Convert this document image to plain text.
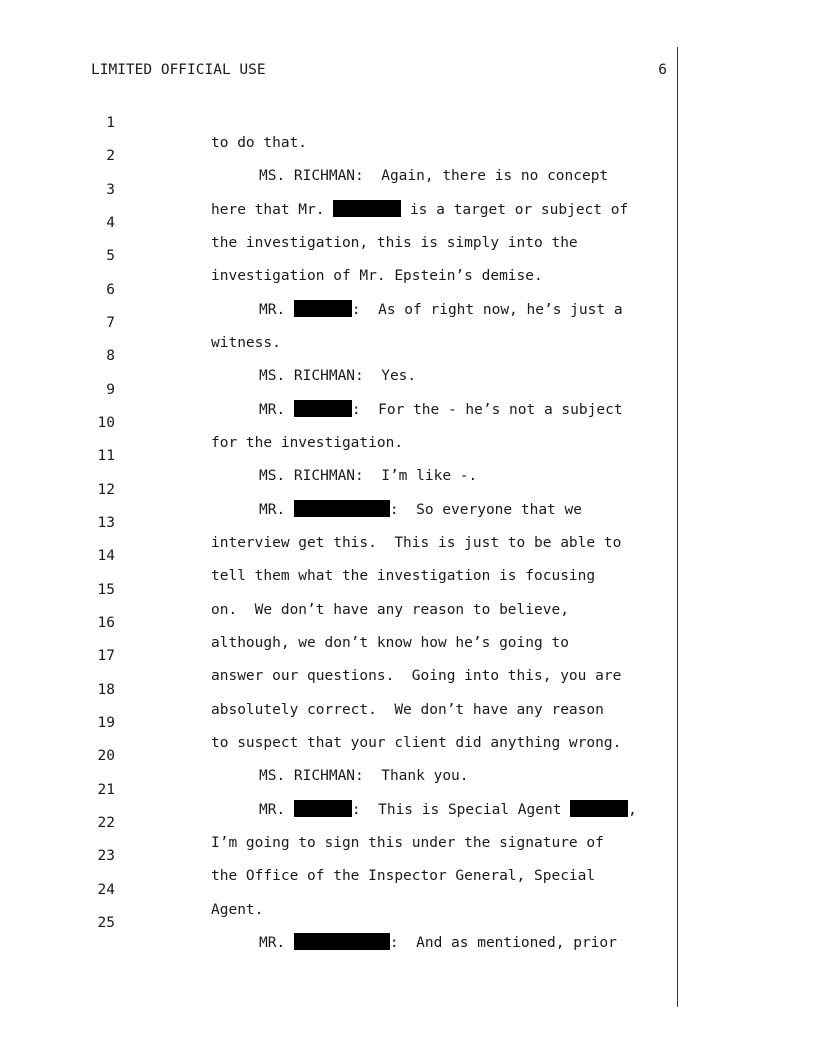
LIMITED OFFICIAL USE	6

1

to do that.

2

MS. RICHMAN:  Again, there is no concept

3

here that Mr.	is a target or subject of

4

the investigation, this is simply into the

5

investigation of Mr. Epstein’s demise.

6

MR.	:  As of right now, he’s just a

7

witness.

8

MS. RICHMAN:  Yes.

9

MR.	:  For the - he’s not a subject

10

for the investigation.

11

MS. RICHMAN:  I’m like -.

12

MR.	:  So everyone that we

13

interview get this.  This is just to be able to

14

tell them what the investigation is focusing

15

on.  We don’t have any reason to believe,

16

although, we don’t know how he’s going to

17

answer our questions.  Going into this, you are

18

absolutely correct.  We don’t have any reason

19

to suspect that your client did anything wrong.

20

MS. RICHMAN:  Thank you.

21

MR.	:  This is Special Agent	,

22

I’m going to sign this under the signature of

23

the Office of the Inspector General, Special

24

Agent.

25

MR.	:  And as mentioned, prior
